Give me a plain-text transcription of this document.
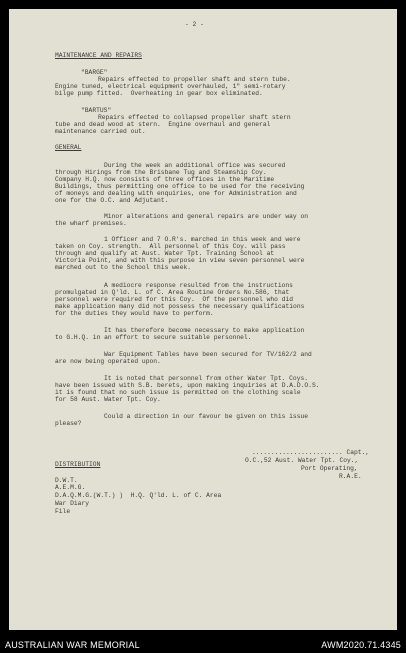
- 2 -
MAINTENANCE AND REPAIRS
"BARGE"
Repairs effected to propeller shaft and stern tube.
Engine tuned, electrical equipment overhauled, 1" semi-rotary
bilge pump fitted.  Overheating in gear box eliminated.
"BARTUS"
Repairs effected to collapsed propeller shaft stern
tube and dead wood at stern.  Engine overhaul and general
maintenance carried out.
GENERAL
During the week an additional office was secured
through Hirings from the Brisbane Tug and Steamship Coy.
Company H.Q. now consists of three offices in the Maritime
Buildings, thus permitting one office to be used for the receiving
of moneys and dealing with enquiries, one for Administration and
one for the O.C. and Adjutant.
Minor alterations and general repairs are under way on
the wharf premises.
1 Officer and 7 O.R's. marched in this week and were
taken on Coy. strength.  All personnel of this Coy. will pass
through and qualify at Aust. Water Tpt. Training School at
Victoria Point, and with this purpose in view seven personnel were
marched out to the School this week.
A mediocre response resulted from the instructions
promulgated in Q'ld. L. of C. Area Routine Orders No.586, that
personnel were required for this Coy.  Of the personnel who did
make application many did not possess the necessary qualifications
for the duties they would have to perform.
It has therefore become necessary to make application
to G.H.Q. in an effort to secure suitable personnel.
War Equipment Tables have been secured for TV/162/2 and
are now being operated upon.
It is noted that personnel from other Water Tpt. Coys.
have been issued with S.B. berets, upon making inquiries at D.A.D.O.S.
it is found that no such issue is permitted on the clothing scale
for 58 Aust. Water Tpt. Coy.
Could a direction in our favour be given on this issue
please?
........................ Capt.,
O.C.,52 Aust. Water Tpt. Coy.,
Port Operating,
R.A.E.
DISTRIBUTION
D.W.T.
A.E.M.G.
D.A.Q.M.G.(W.T.) )  H.Q. Q'ld. L. of C. Area
War Diary
File
AUSTRALIAN WAR MEMORIAL	AWM2020.71.4345
